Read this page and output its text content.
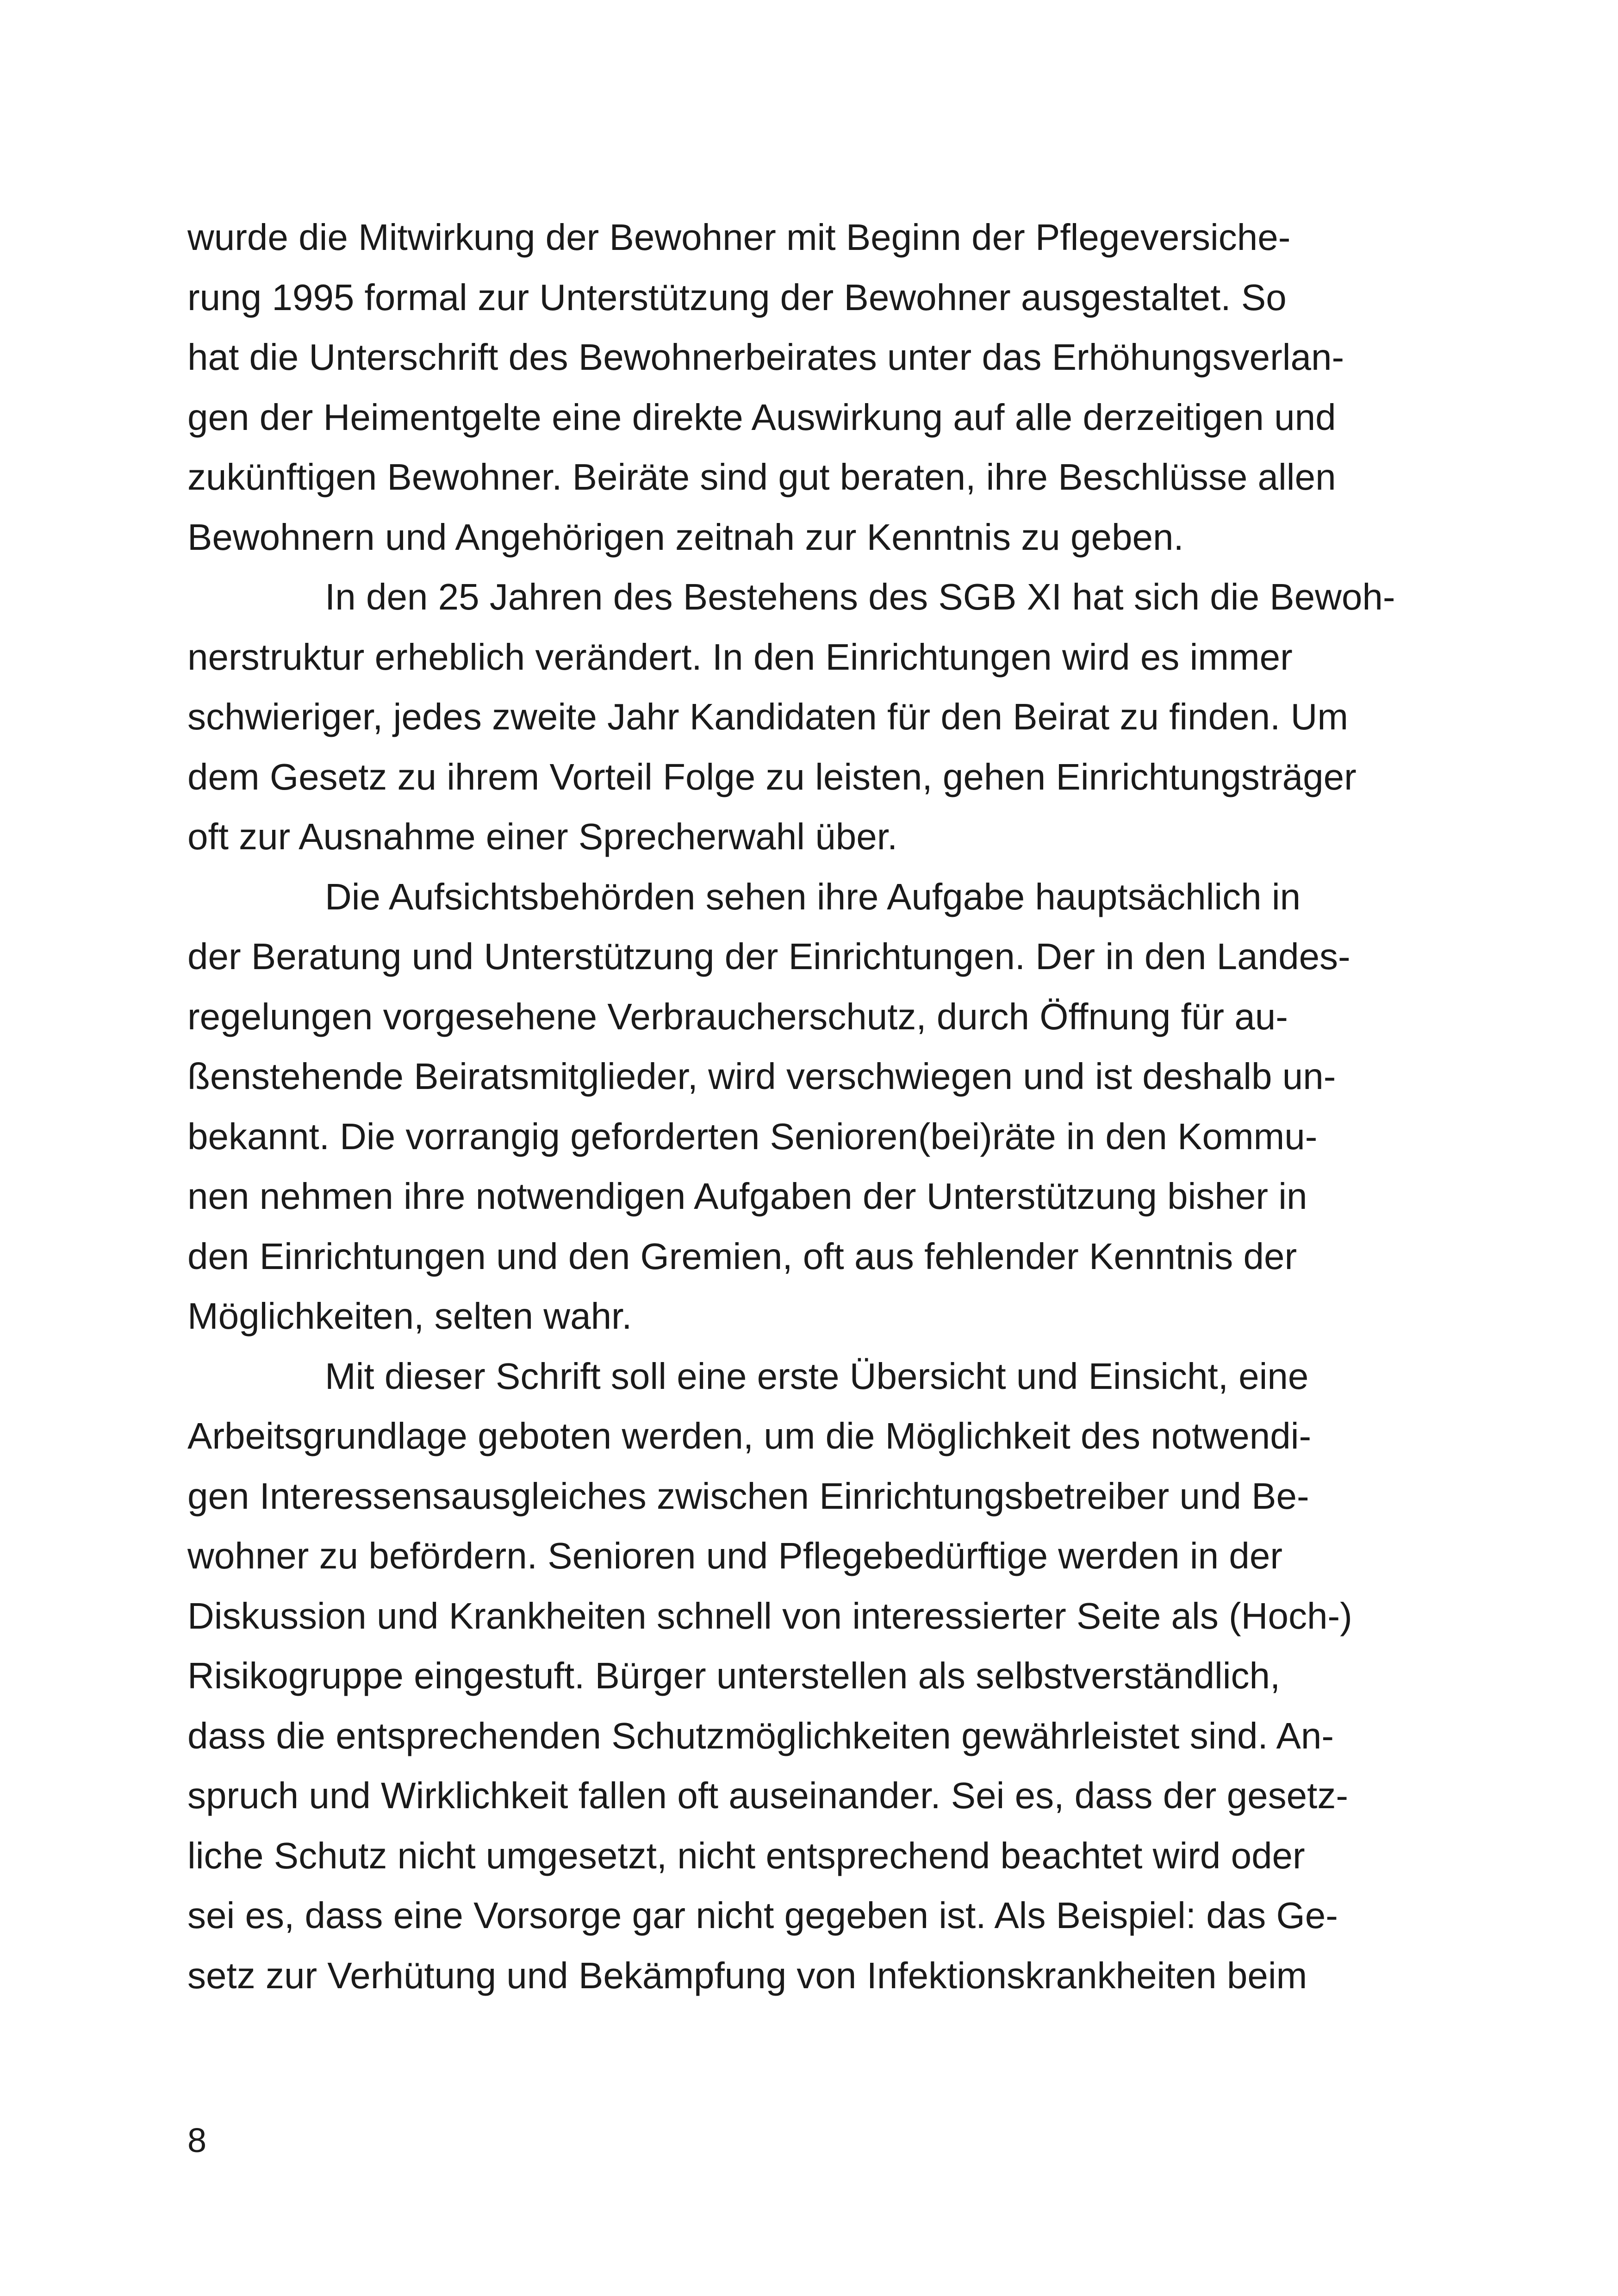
wurde die Mitwirkung der Bewohner mit Beginn der Pflegeversiche-
rung 1995 formal zur Unterstützung der Bewohner ausgestaltet. So
hat die Unterschrift des Bewohnerbeirates unter das Erhöhungsverlan-
gen der Heimentgelte eine direkte Auswirkung auf alle derzeitigen und
zukünftigen Bewohner. Beiräte sind gut beraten, ihre Beschlüsse allen
Bewohnern und Angehörigen zeitnah zur Kenntnis zu geben.
In den 25 Jahren des Bestehens des SGB XI hat sich die Bewoh-
nerstruktur erheblich verändert. In den Einrichtungen wird es immer
schwieriger, jedes zweite Jahr Kandidaten für den Beirat zu finden. Um
dem Gesetz zu ihrem Vorteil Folge zu leisten, gehen Einrichtungsträger
oft zur Ausnahme einer Sprecherwahl über.
Die Aufsichtsbehörden sehen ihre Aufgabe hauptsächlich in
der Beratung und Unterstützung der Einrichtungen. Der in den Landes-
regelungen vorgesehene Verbraucherschutz, durch Öffnung für au-
ßenstehende Beiratsmitglieder, wird verschwiegen und ist deshalb un-
bekannt. Die vorrangig geforderten Senioren(bei)räte in den Kommu-
nen nehmen ihre notwendigen Aufgaben der Unterstützung bisher in
den Einrichtungen und den Gremien, oft aus fehlender Kenntnis der
Möglichkeiten, selten wahr.
Mit dieser Schrift soll eine erste Übersicht und Einsicht, eine
Arbeitsgrundlage geboten werden, um die Möglichkeit des notwendi-
gen Interessensausgleiches zwischen Einrichtungsbetreiber und Be-
wohner zu befördern. Senioren und Pflegebedürftige werden in der
Diskussion und Krankheiten schnell von interessierter Seite als (Hoch-)
Risikogruppe eingestuft. Bürger unterstellen als selbstverständlich,
dass die entsprechenden Schutzmöglichkeiten gewährleistet sind. An-
spruch und Wirklichkeit fallen oft auseinander. Sei es, dass der gesetz-
liche Schutz nicht umgesetzt, nicht entsprechend beachtet wird oder
sei es, dass eine Vorsorge gar nicht gegeben ist. Als Beispiel: das Ge-
setz zur Verhütung und Bekämpfung von Infektionskrankheiten beim
8
